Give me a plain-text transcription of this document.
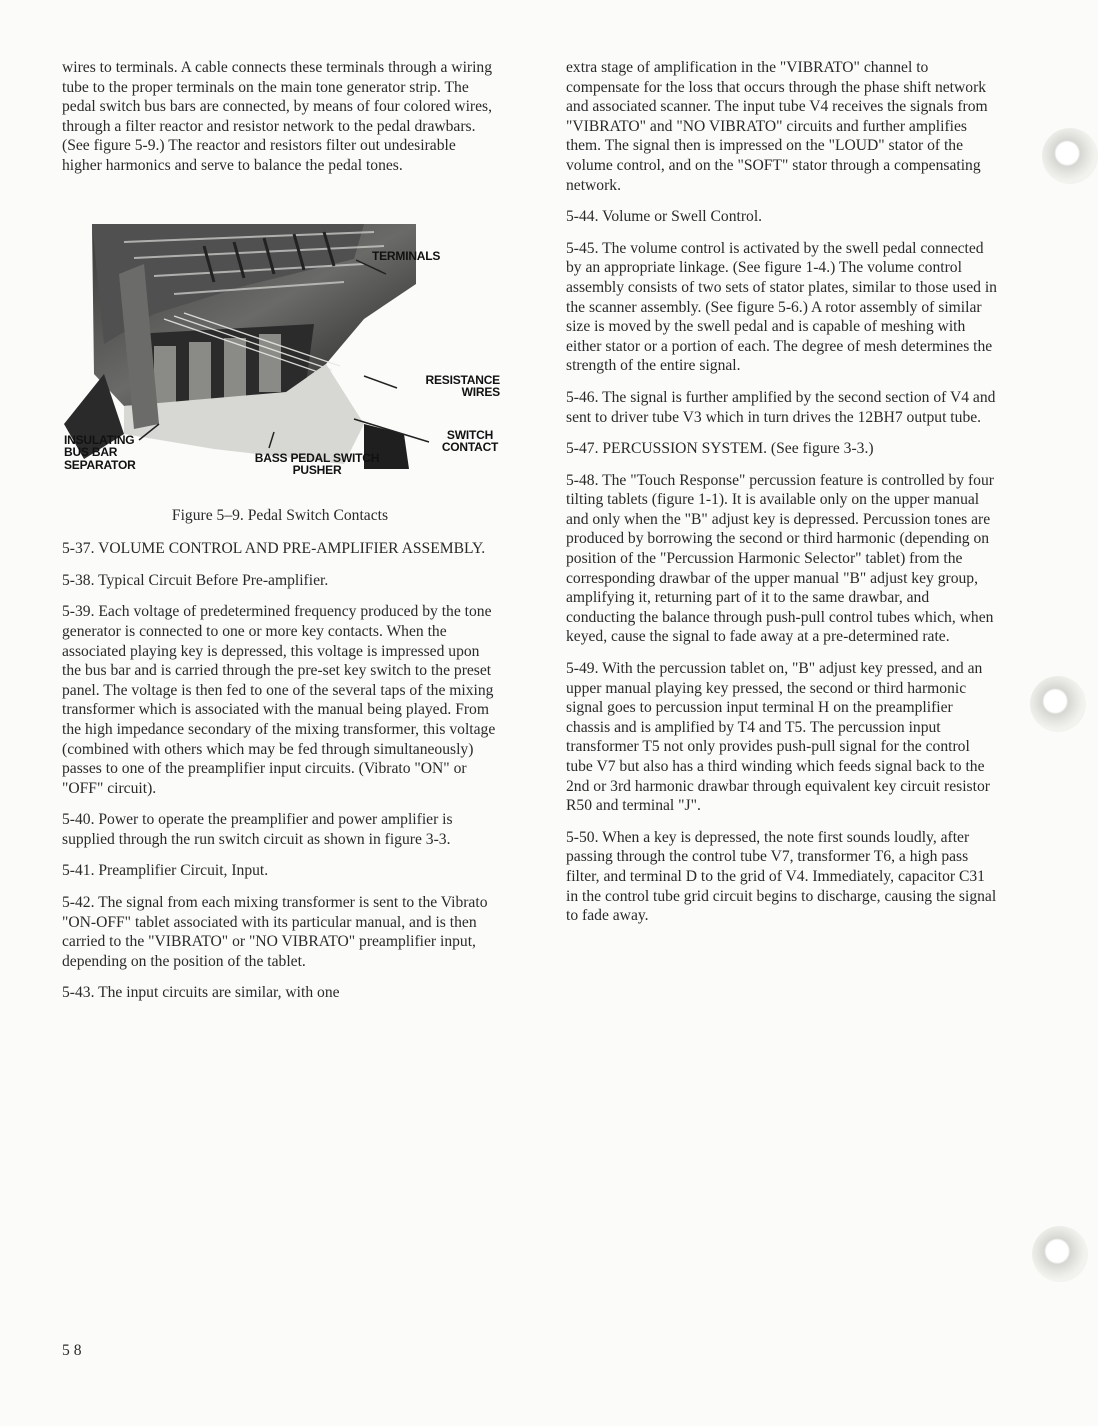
wires to terminals. A cable connects these terminals through a wiring tube to the proper terminals on the main tone generator strip. The pedal switch bus bars are connected, by means of four colored wires, through a filter reactor and resistor network to the pedal drawbars. (See figure 5-9.) The reactor and resistors filter out undesirable higher harmonics and serve to balance the pedal tones.

TERMINALS
RESISTANCE WIRES
SWITCH CONTACT
INSULATING BUS BAR SEPARATOR	BASS PEDAL SWITCH PUSHER

Figure 5–9. Pedal Switch Contacts

5-37. VOLUME CONTROL AND PRE-AMPLIFIER ASSEMBLY.

5-38. Typical Circuit Before Pre-amplifier.

5-39. Each voltage of predetermined frequency produced by the tone generator is connected to one or more key contacts. When the associated playing key is depressed, this voltage is impressed upon the bus bar and is carried through the pre-set key switch to the preset panel. The voltage is then fed to one of the several taps of the mixing transformer which is associated with the manual being played. From the high impedance secondary of the mixing transformer, this voltage (combined with others which may be fed through simultaneously) passes to one of the preamplifier input circuits. (Vibrato "ON" or "OFF" circuit).

5-40. Power to operate the preamplifier and power amplifier is supplied through the run switch circuit as shown in figure 3-3.

5-41. Preamplifier Circuit, Input.

5-42. The signal from each mixing transformer is sent to the Vibrato "ON-OFF" tablet associated with its particular manual, and is then carried to the "VIBRATO" or "NO VIBRATO" preamplifier input, depending on the position of the tablet.

5-43. The input circuits are similar, with one

extra stage of amplification in the "VIBRATO" channel to compensate for the loss that occurs through the phase shift network and associated scanner. The input tube V4 receives the signals from "VIBRATO" and "NO VIBRATO" circuits and further amplifies them. The signal then is impressed on the "LOUD" stator of the volume control, and on the "SOFT" stator through a compensating network.

5-44. Volume or Swell Control.

5-45. The volume control is activated by the swell pedal connected by an appropriate linkage. (See figure 1-4.) The volume control assembly consists of two sets of stator plates, similar to those used in the scanner assembly. (See figure 5-6.) A rotor assembly of similar size is moved by the swell pedal and is capable of meshing with either stator or a portion of each. The degree of mesh determines the strength of the entire signal.

5-46. The signal is further amplified by the second section of V4 and sent to driver tube V3 which in turn drives the 12BH7 output tube.

5-47. PERCUSSION SYSTEM. (See figure 3-3.)

5-48. The "Touch Response" percussion feature is controlled by four tilting tablets (figure 1-1). It is available only on the upper manual and only when the "B" adjust key is depressed. Percussion tones are produced by borrowing the second or third harmonic (depending on position of the "Percussion Harmonic Selector" tablet) from the corresponding drawbar of the upper manual "B" adjust key group, amplifying it, returning part of it to the same drawbar, and conducting the balance through push-pull control tubes which, when keyed, cause the signal to fade away at a pre-determined rate.

5-49. With the percussion tablet on, "B" adjust key pressed, and an upper manual playing key pressed, the second or third harmonic signal goes to percussion input terminal H on the preamplifier chassis and is amplified by T4 and T5. The percussion input transformer T5 not only provides push-pull signal for the control tube V7 but also has a third winding which feeds signal back to the 2nd or 3rd harmonic drawbar through equivalent key circuit resistor R50 and terminal "J".

5-50. When a key is depressed, the note first sounds loudly, after passing through the control tube V7, transformer T6, a high pass filter, and terminal D to the grid of V4. Immediately, capacitor C31 in the control tube grid circuit begins to discharge, causing the signal to fade away.

5 8
